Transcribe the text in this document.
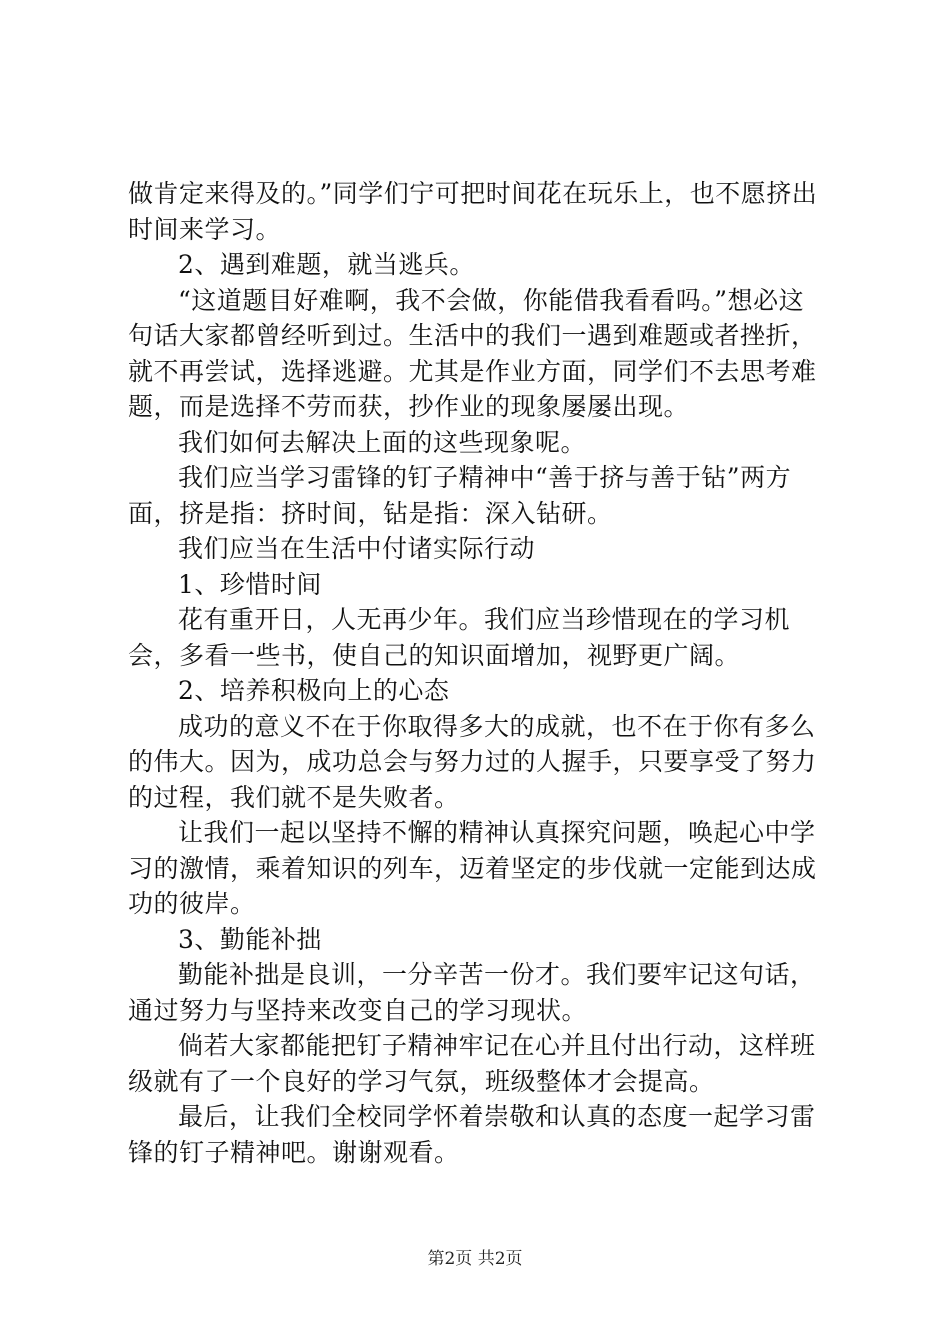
做肯定来得及的。”同学们宁可把时间花在玩乐上，也不愿挤出时间来学习。

2、遇到难题，就当逃兵。

“这道题目好难啊，我不会做，你能借我看看吗。”想必这句话大家都曾经听到过。生活中的我们一遇到难题或者挫折，就不再尝试，选择逃避。尤其是作业方面，同学们不去思考难题，而是选择不劳而获，抄作业的现象屡屡出现。

我们如何去解决上面的这些现象呢。

我们应当学习雷锋的钉子精神中“善于挤与善于钻”两方面，挤是指：挤时间，钻是指：深入钻研。

我们应当在生活中付诸实际行动

1、珍惜时间

花有重开日，人无再少年。我们应当珍惜现在的学习机会，多看一些书，使自己的知识面增加，视野更广阔。

2、培养积极向上的心态

成功的意义不在于你取得多大的成就，也不在于你有多么的伟大。因为，成功总会与努力过的人握手，只要享受了努力的过程，我们就不是失败者。

让我们一起以坚持不懈的精神认真探究问题，唤起心中学习的激情，乘着知识的列车，迈着坚定的步伐就一定能到达成功的彼岸。

3、勤能补拙

勤能补拙是良训，一分辛苦一份才。我们要牢记这句话，通过努力与坚持来改变自己的学习现状。

倘若大家都能把钉子精神牢记在心并且付出行动，这样班级就有了一个良好的学习气氛，班级整体才会提高。

最后，让我们全校同学怀着崇敬和认真的态度一起学习雷锋的钉子精神吧。谢谢观看。

第2页 共2页
